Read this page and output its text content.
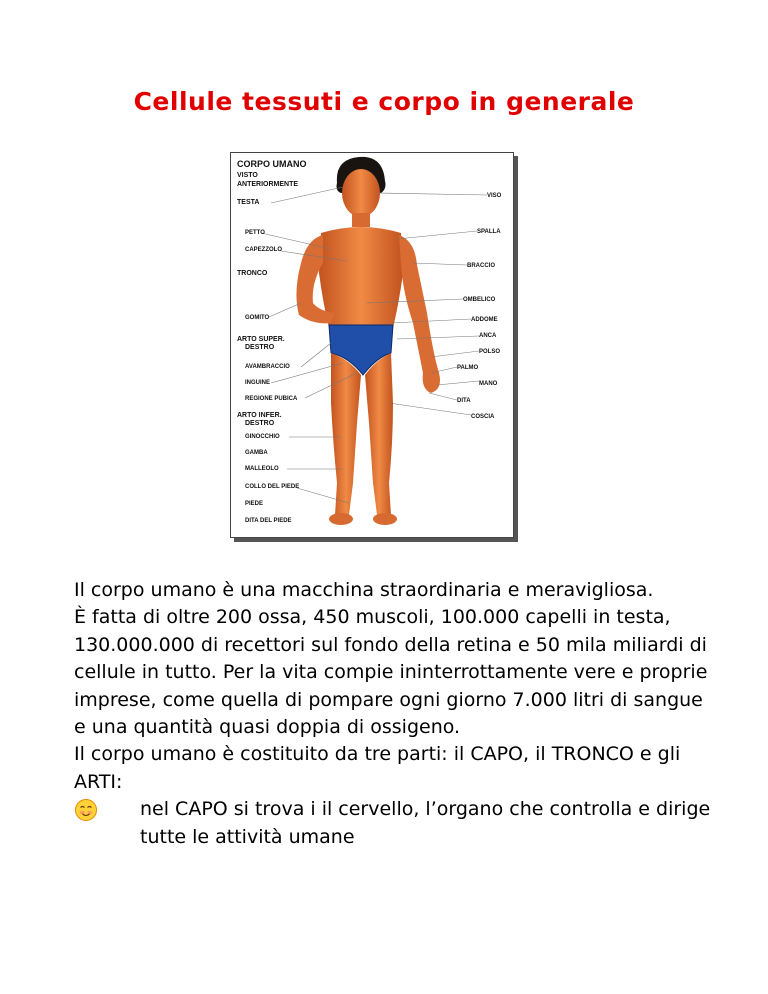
Cellule tessuti e corpo in generale
CORPO UMANO
VISTO
ANTERIORMENTE
TESTA
PETTO
CAPEZZOLO
TRONCO
GOMITO
ARTO SUPER.
DESTRO
AVAMBRACCIO
INGUINE
REGIONE PUBICA
ARTO INFER.
DESTRO
GINOCCHIO
GAMBA
MALLEOLO
COLLO DEL PIEDE
PIEDE
DITA DEL PIEDE
VISO
SPALLA
BRACCIO
OMBELICO
ADDOME
ANCA
POLSO
PALMO
MANO
DITA
COSCIA

Il corpo umano è una macchina straordinaria e meravigliosa.

È fatta di oltre 200 ossa, 450 muscoli, 100.000 capelli in testa, 130.000.000 di recettori sul fondo della retina e 50 mila miliardi di cellule in tutto. Per la vita compie ininterrottamente vere e proprie imprese, come quella di pompare ogni giorno 7.000 litri di sangue e una quantità quasi doppia di ossigeno.

Il corpo umano è costituito da tre parti: il CAPO, il TRONCO e gli ARTI:

nel CAPO si trova i il cervello, l’organo che controlla e dirige tutte le attività umane
